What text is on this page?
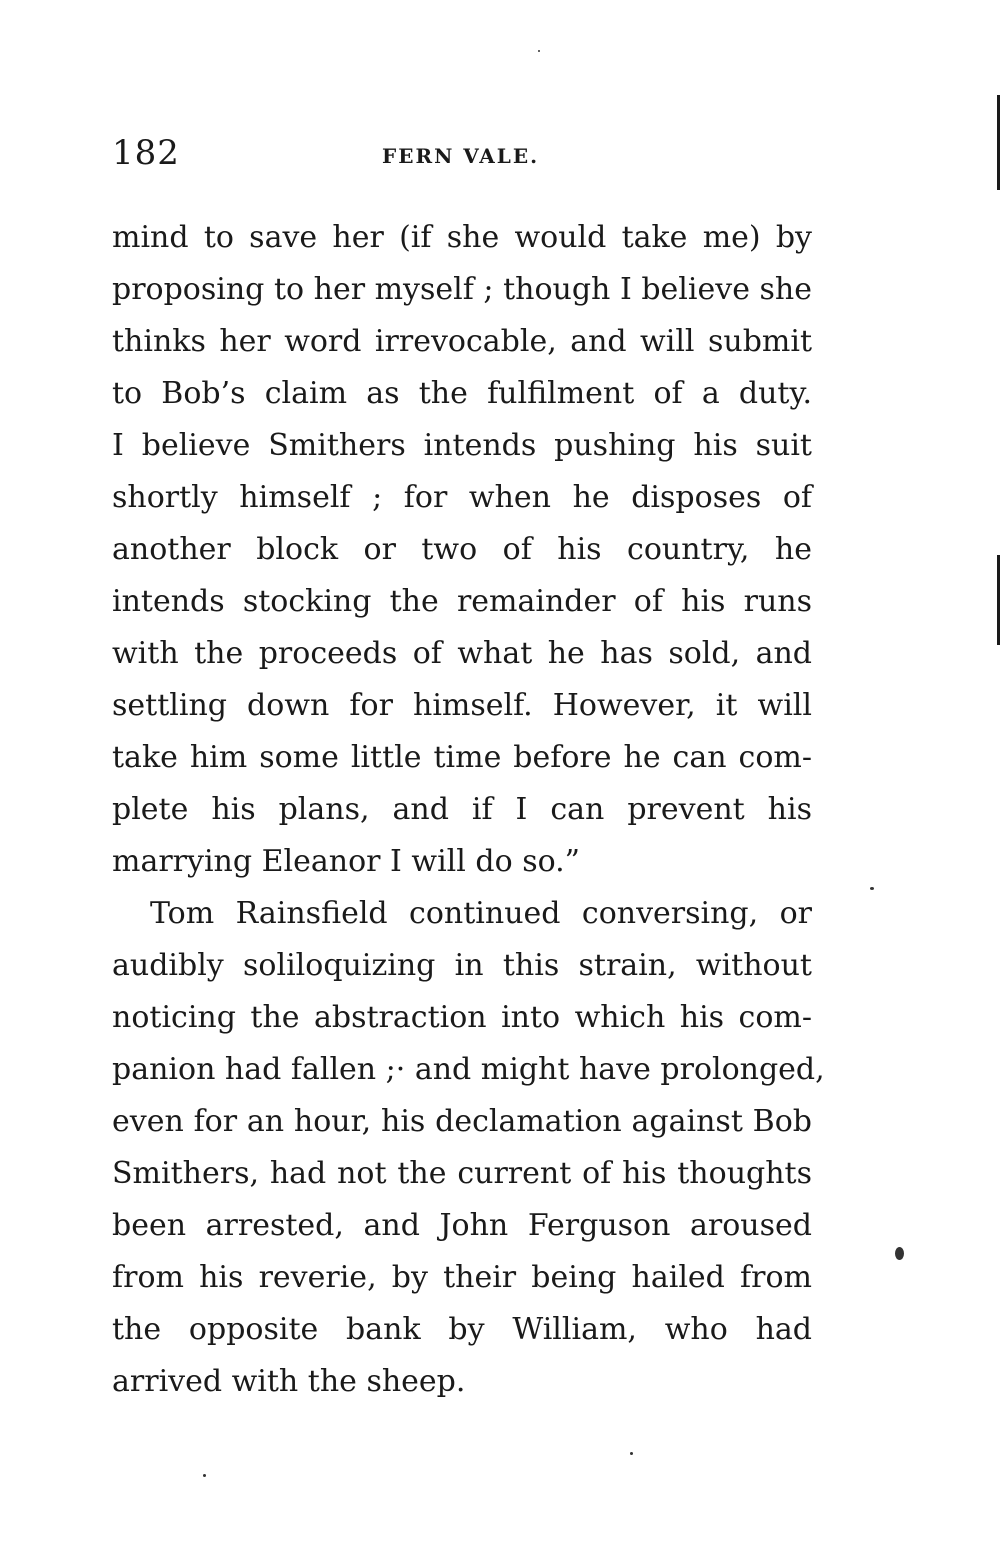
182	FERN VALE.
mind to save her (if she would take me) by
proposing to her myself ; though I believe she
thinks her word irrevocable, and will submit
to Bob’s claim as the fulfilment of a duty.
I believe Smithers intends pushing his suit
shortly himself ; for when he disposes of
another block or two of his country, he
intends stocking the remainder of his runs
with the proceeds of what he has sold, and
settling down for himself. However, it will
take him some little time before he can com-
plete his plans, and if I can prevent his
marrying Eleanor I will do so.”
Tom Rainsfield continued conversing, or
audibly soliloquizing in this strain, without
noticing the abstraction into which his com-
panion had fallen ;· and might have prolonged,
even for an hour, his declamation against Bob
Smithers, had not the current of his thoughts
been arrested, and John Ferguson aroused
from his reverie, by their being hailed from
the opposite bank by William, who had
arrived with the sheep.
